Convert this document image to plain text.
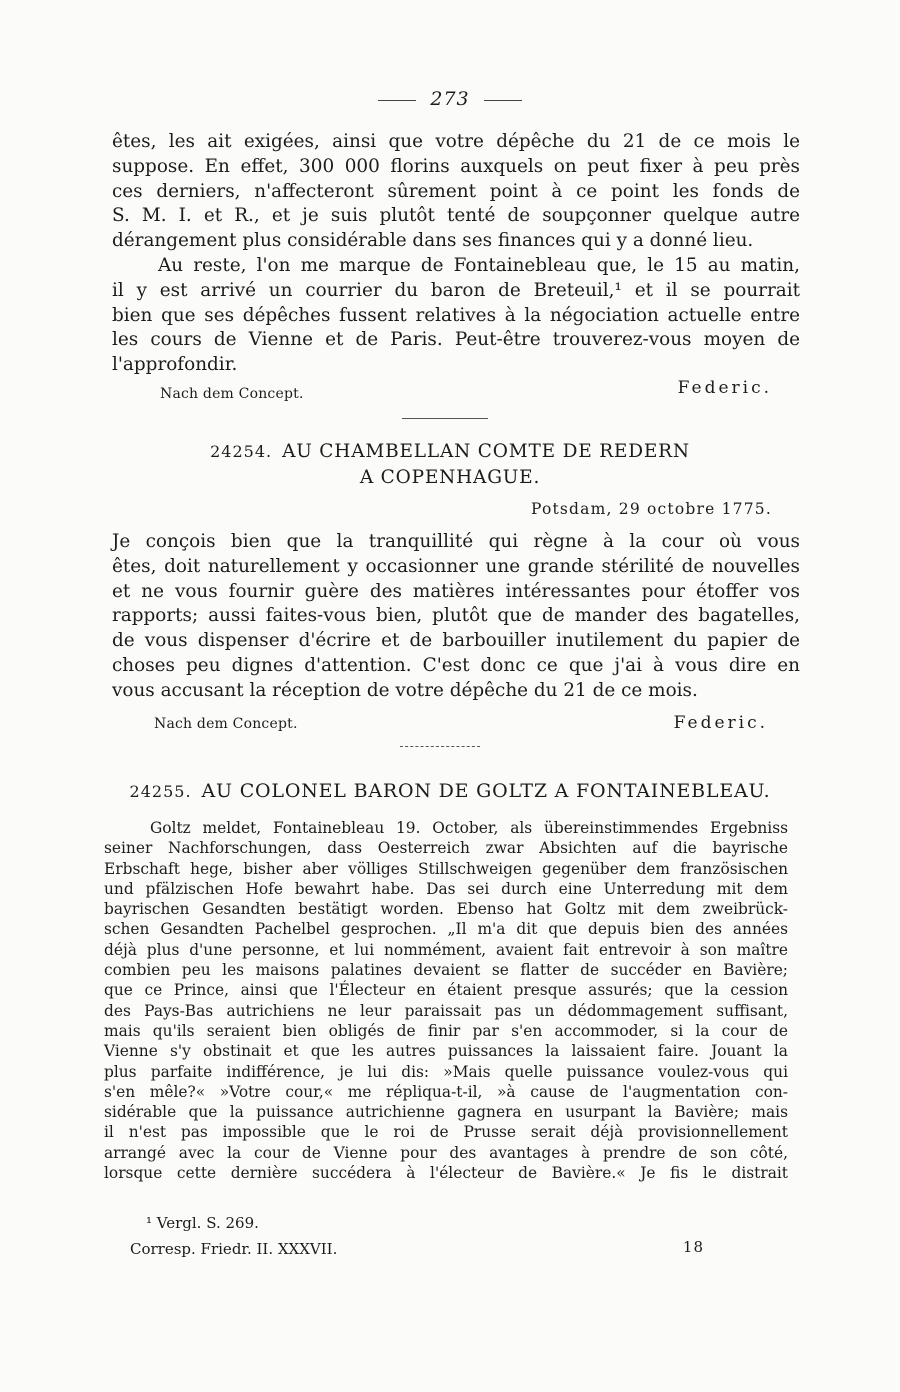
273
êtes, les ait exigées, ainsi que votre dépêche du 21 de ce mois le
suppose. En effet, 300 000 florins auxquels on peut fixer à peu près
ces derniers, n'affecteront sûrement point à ce point les fonds de
S. M. I. et R., et je suis plutôt tenté de soupçonner quelque autre
dérangement plus considérable dans ses finances qui y a donné lieu.
Au reste, l'on me marque de Fontainebleau que, le 15 au matin,
il y est arrivé un courrier du baron de Breteuil,¹ et il se pourrait
bien que ses dépêches fussent relatives à la négociation actuelle entre
les cours de Vienne et de Paris. Peut-être trouverez-vous moyen de
l'approfondir.
Nach dem Concept.	Federic.
24254. AU CHAMBELLAN COMTE DE REDERN
A COPENHAGUE.
Potsdam, 29 octobre 1775.
Je conçois bien que la tranquillité qui règne à la cour où vous
êtes, doit naturellement y occasionner une grande stérilité de nouvelles
et ne vous fournir guère des matières intéressantes pour étoffer vos
rapports; aussi faites-vous bien, plutôt que de mander des bagatelles,
de vous dispenser d'écrire et de barbouiller inutilement du papier de
choses peu dignes d'attention. C'est donc ce que j'ai à vous dire en
vous accusant la réception de votre dépêche du 21 de ce mois.
Nach dem Concept.	Federic.
24255. AU COLONEL BARON DE GOLTZ A FONTAINEBLEAU.
Goltz meldet, Fontainebleau 19. October, als übereinstimmendes Ergebniss
seiner Nachforschungen, dass Oesterreich zwar Absichten auf die bayrische
Erbschaft hege, bisher aber völliges Stillschweigen gegenüber dem französischen
und pfälzischen Hofe bewahrt habe. Das sei durch eine Unterredung mit dem
bayrischen Gesandten bestätigt worden. Ebenso hat Goltz mit dem zweibrück-
schen Gesandten Pachelbel gesprochen. „Il m'a dit que depuis bien des années
déjà plus d'une personne, et lui nommément, avaient fait entrevoir à son maître
combien peu les maisons palatines devaient se flatter de succéder en Bavière;
que ce Prince, ainsi que l'Électeur en étaient presque assurés; que la cession
des Pays-Bas autrichiens ne leur paraissait pas un dédommagement suffisant,
mais qu'ils seraient bien obligés de finir par s'en accommoder, si la cour de
Vienne s'y obstinait et que les autres puissances la laissaient faire. Jouant la
plus parfaite indifférence, je lui dis: »Mais quelle puissance voulez-vous qui
s'en mêle?« »Votre cour,« me répliqua-t-il, »à cause de l'augmentation con-
sidérable que la puissance autrichienne gagnera en usurpant la Bavière; mais
il n'est pas impossible que le roi de Prusse serait déjà provisionnellement
arrangé avec la cour de Vienne pour des avantages à prendre de son côté,
lorsque cette dernière succédera à l'électeur de Bavière.« Je fis le distrait
¹ Vergl. S. 269.
Corresp. Friedr. II. XXXVII.	18
